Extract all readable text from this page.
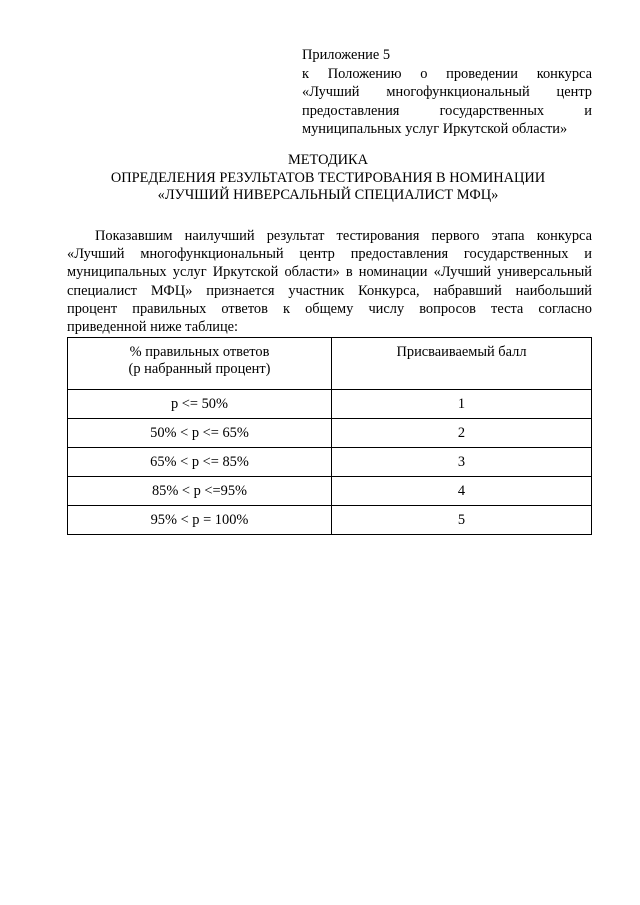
Приложение 5
к Положению о проведении конкурса
«Лучший многофункциональный центр
предоставления государственных и
муниципальных услуг Иркутской области»
МЕТОДИКА
ОПРЕДЕЛЕНИЯ РЕЗУЛЬТАТОВ ТЕСТИРОВАНИЯ В НОМИНАЦИИ
«ЛУЧШИЙ НИВЕРСАЛЬНЫЙ СПЕЦИАЛИСТ МФЦ»
Показавшим наилучший результат тестирования первого этапа конкурса
«Лучший многофункциональный центр предоставления государственных и
муниципальных услуг Иркутской области» в номинации «Лучший универсальный
специалист МФЦ» признается участник Конкурса, набравший наибольший
процент правильных ответов к общему числу вопросов теста согласно
приведенной ниже таблице:
% правильных ответов
(р набранный процент)	Присваиваемый балл
р <= 50%	1
50% < р <= 65%	2
65% < р <= 85%	3
85% < р <=95%	4
95% < р = 100%	5
